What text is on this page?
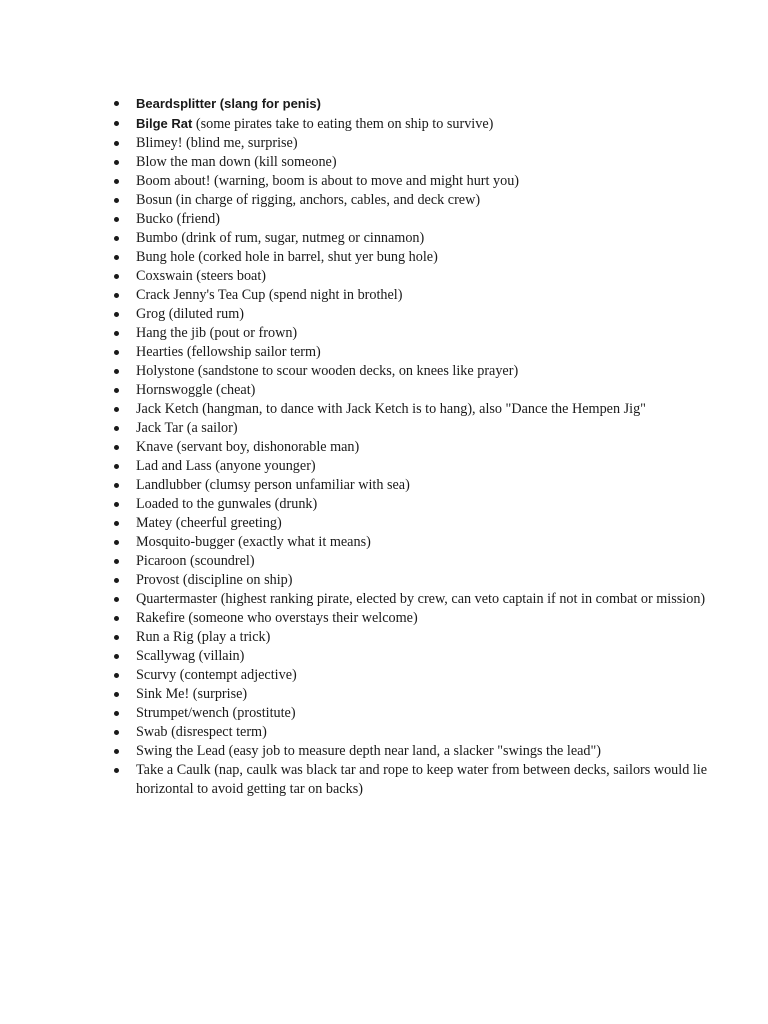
Beardsplitter (slang for penis)
Bilge Rat (some pirates take to eating them on ship to survive)
Blimey! (blind me, surprise)
Blow the man down (kill someone)
Boom about! (warning, boom is about to move and might hurt you)
Bosun (in charge of rigging, anchors, cables, and deck crew)
Bucko (friend)
Bumbo (drink of rum, sugar, nutmeg or cinnamon)
Bung hole (corked hole in barrel, shut yer bung hole)
Coxswain (steers boat)
Crack Jenny's Tea Cup (spend night in brothel)
Grog (diluted rum)
Hang the jib (pout or frown)
Hearties (fellowship sailor term)
Holystone (sandstone to scour wooden decks, on knees like prayer)
Hornswoggle (cheat)
Jack Ketch (hangman, to dance with Jack Ketch is to hang), also "Dance the Hempen Jig"
Jack Tar (a sailor)
Knave (servant boy, dishonorable man)
Lad and Lass (anyone younger)
Landlubber (clumsy person unfamiliar with sea)
Loaded to the gunwales (drunk)
Matey (cheerful greeting)
Mosquito-bugger (exactly what it means)
Picaroon (scoundrel)
Provost (discipline on ship)
Quartermaster (highest ranking pirate, elected by crew, can veto captain if not in combat or mission)
Rakefire (someone who overstays their welcome)
Run a Rig (play a trick)
Scallywag (villain)
Scurvy (contempt adjective)
Sink Me! (surprise)
Strumpet/wench (prostitute)
Swab (disrespect term)
Swing the Lead (easy job to measure depth near land, a slacker "swings the lead")
Take a Caulk (nap, caulk was black tar and rope to keep water from between decks, sailors would lie horizontal to avoid getting tar on backs)
